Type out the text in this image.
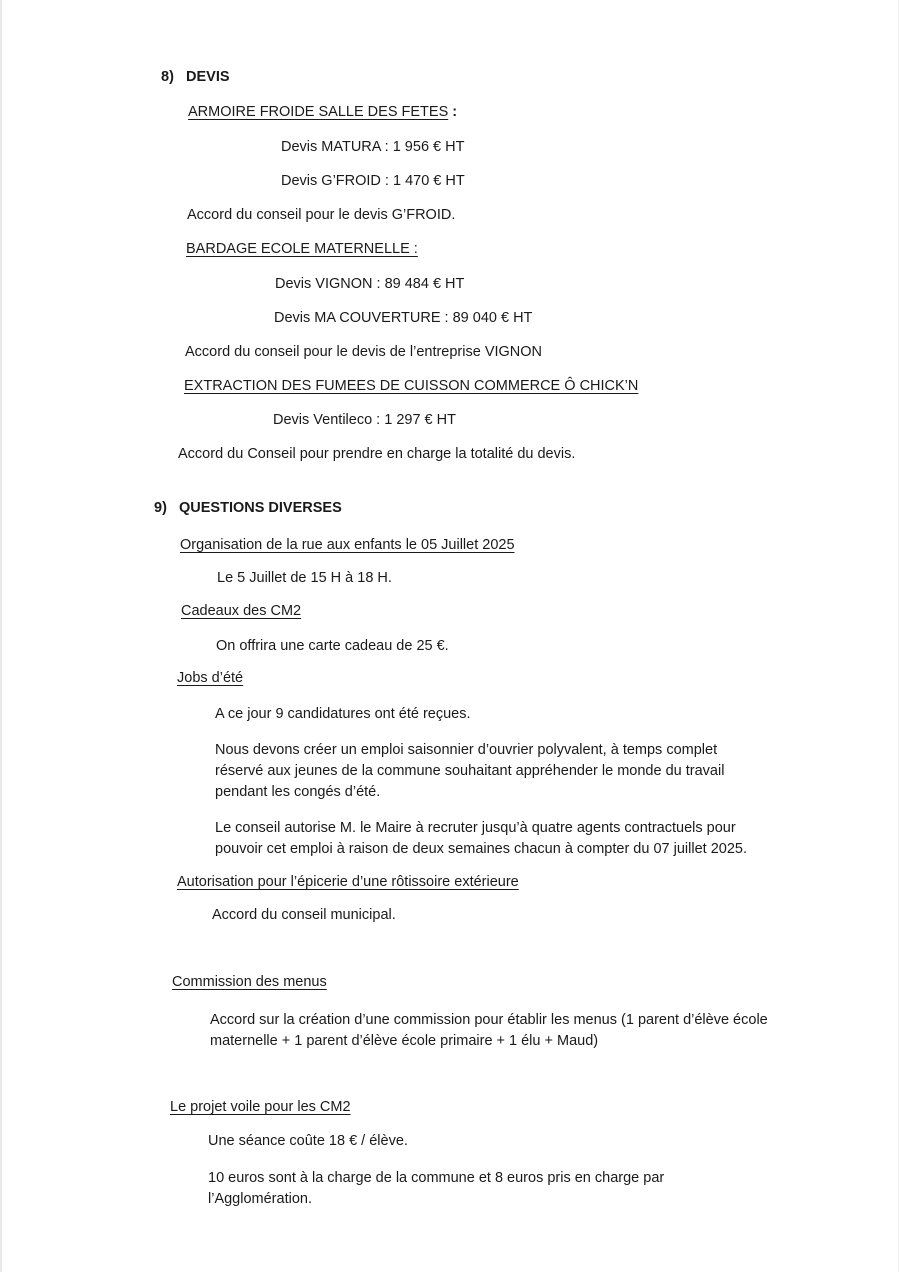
8) DEVIS
ARMOIRE FROIDE SALLE DES FETES :
Devis MATURA : 1 956 € HT
Devis G’FROID : 1 470 € HT
Accord du conseil pour le devis G’FROID.
BARDAGE ECOLE MATERNELLE :
Devis VIGNON : 89 484 € HT
Devis MA COUVERTURE : 89 040 € HT
Accord du conseil pour le devis de l’entreprise VIGNON
EXTRACTION DES FUMEES DE CUISSON COMMERCE Ô CHICK’N
Devis Ventileco : 1 297 € HT
Accord du Conseil pour prendre en charge la totalité du devis.
9) QUESTIONS DIVERSES
Organisation de la rue aux enfants le 05 Juillet 2025
Le 5 Juillet de 15 H à 18 H.
Cadeaux des CM2
On offrira une carte cadeau de 25 €.
Jobs d’été
A ce jour 9 candidatures ont été reçues.
Nous devons créer un emploi saisonnier d’ouvrier polyvalent, à temps complet réservé aux jeunes de la commune souhaitant appréhender le monde du travail pendant les congés d’été.
Le conseil autorise M. le Maire à recruter jusqu’à quatre agents contractuels pour pouvoir cet emploi à raison de deux semaines chacun à compter du 07 juillet 2025.
Autorisation pour l’épicerie d’une rôtissoire extérieure
Accord du conseil municipal.
Commission des menus
Accord sur la création d’une commission pour établir les menus (1 parent d’élève école maternelle + 1 parent d’élève école primaire + 1 élu + Maud)
Le projet voile pour les CM2
Une séance coûte 18 € / élève.
10 euros sont à la charge de la commune et 8 euros pris en charge par l’Agglomération.
